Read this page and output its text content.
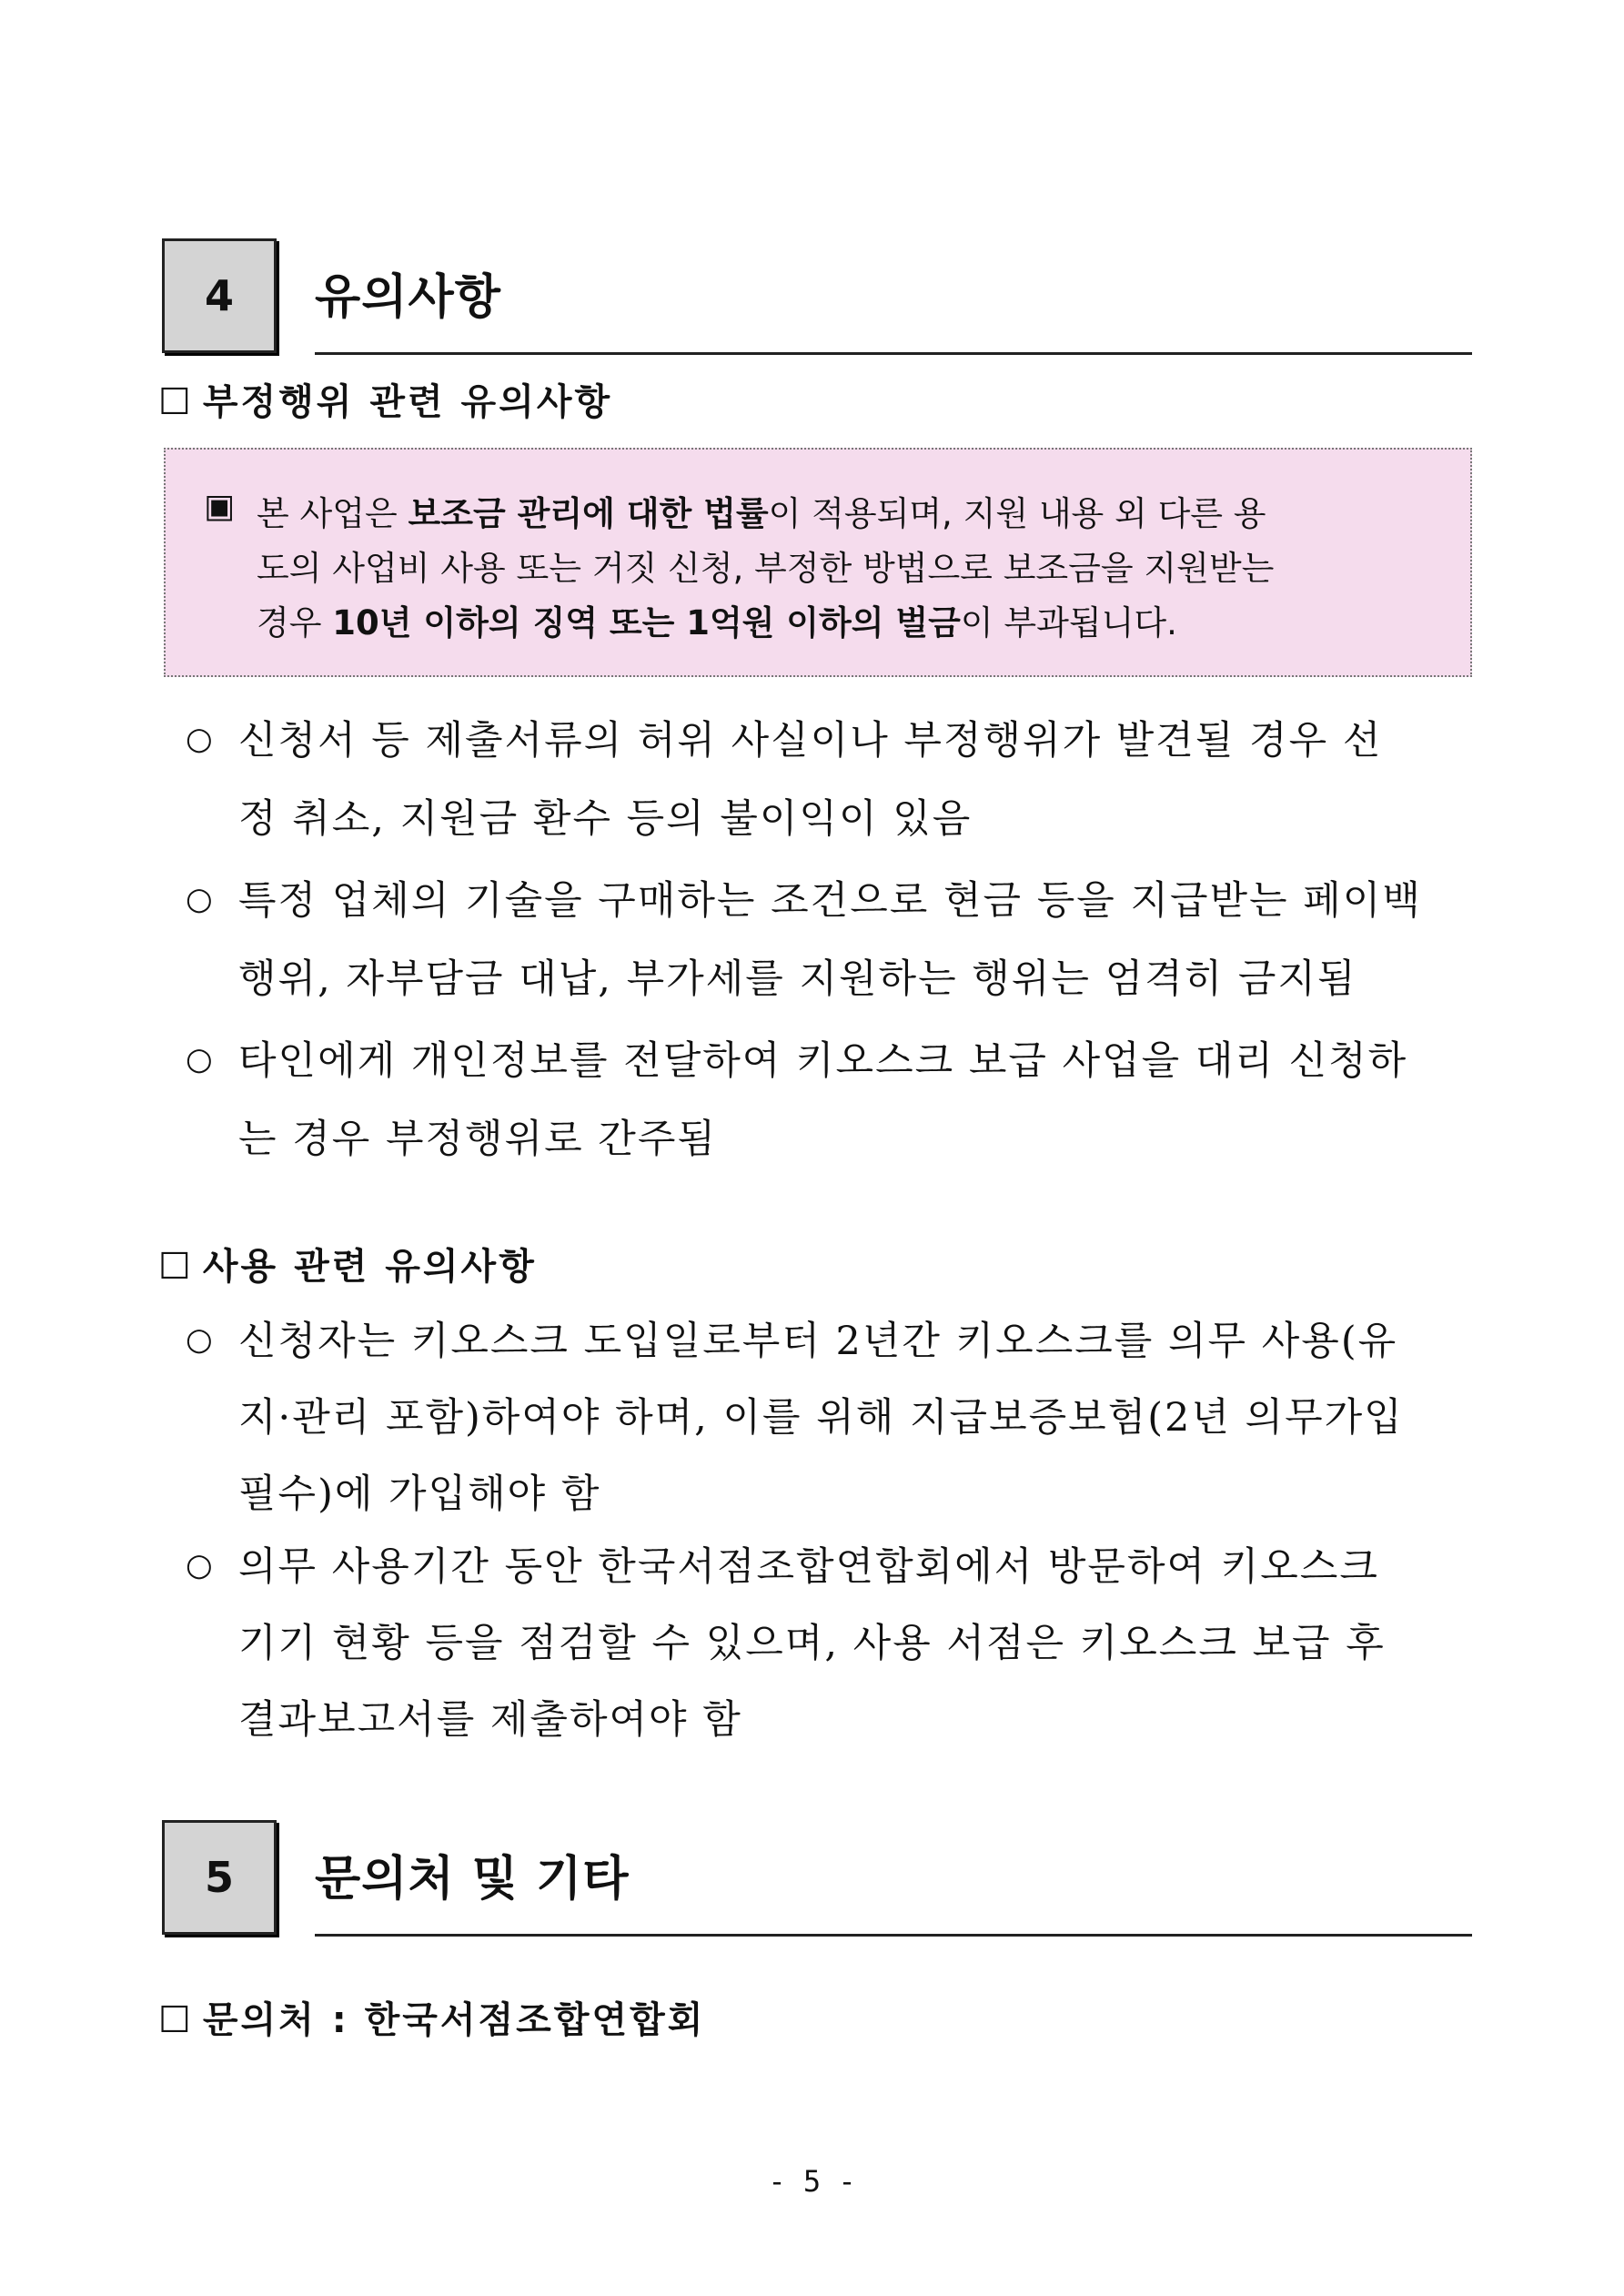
4	유의사항
☐ 부정행위 관련 유의사항
▣ 본 사업은 보조금 관리에 대한 법률이 적용되며, 지원 내용 외 다른 용
도의 사업비 사용 또는 거짓 신청, 부정한 방법으로 보조금을 지원받는
경우 10년 이하의 징역 또는 1억원 이하의 벌금이 부과됩니다.
○ 신청서 등 제출서류의 허위 사실이나 부정행위가 발견될 경우 선
정 취소, 지원금 환수 등의 불이익이 있음
○ 특정 업체의 기술을 구매하는 조건으로 현금 등을 지급받는 페이백
행위, 자부담금 대납, 부가세를 지원하는 행위는 엄격히 금지됨
○ 타인에게 개인정보를 전달하여 키오스크 보급 사업을 대리 신청하
는 경우 부정행위로 간주됨
☐ 사용 관련 유의사항
○ 신청자는 키오스크 도입일로부터 2년간 키오스크를 의무 사용(유
지·관리 포함)하여야 하며, 이를 위해 지급보증보험(2년 의무가입
필수)에 가입해야 함
○ 의무 사용기간 동안 한국서점조합연합회에서 방문하여 키오스크
기기 현황 등을 점검할 수 있으며, 사용 서점은 키오스크 보급 후
결과보고서를 제출하여야 함
5	문의처 및 기타
☐ 문의처 : 한국서점조합연합회
- 5 -
